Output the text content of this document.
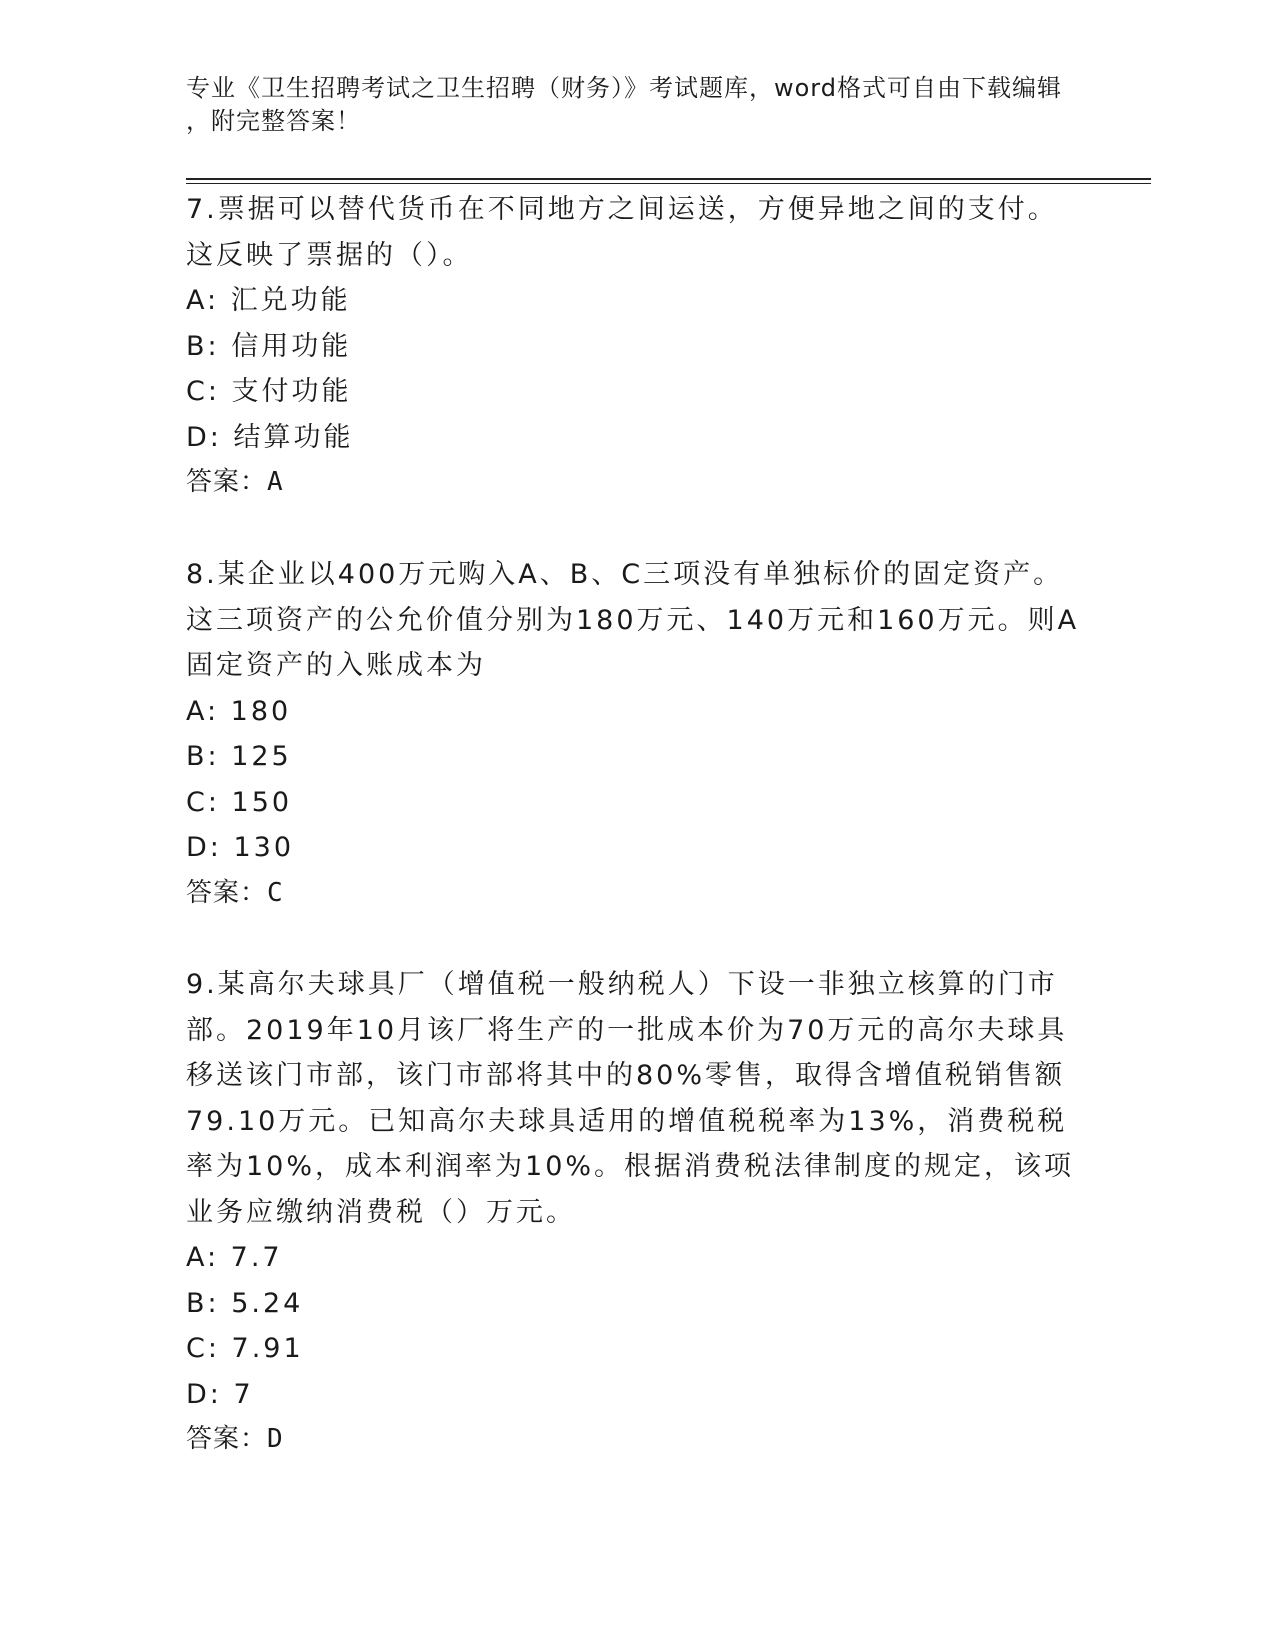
专业《卫生招聘考试之卫生招聘（财务）》考试题库，word格式可自由下载编辑
，附完整答案！

7.票据可以替代货币在不同地方之间运送，方便异地之间的支付。这反映了票据的（）。

A: 汇兑功能
B: 信用功能
C: 支付功能
D: 结算功能
答案：A

8.某企业以400万元购入A、B、C三项没有单独标价的固定资产。这三项资产的公允价值分别为180万元、140万元和160万元。则A固定资产的入账成本为

A: 180
B: 125
C: 150
D: 130
答案：C

9.某高尔夫球具厂（增值税一般纳税人）下设一非独立核算的门市部。2019年10月该厂将生产的一批成本价为70万元的高尔夫球具移送该门市部，该门市部将其中的80%零售，取得含增值税销售额79.10万元。已知高尔夫球具适用的增值税税率为13%，消费税税率为10%，成本利润率为10%。根据消费税法律制度的规定，该项业务应缴纳消费税（）万元。

A: 7.7
B: 5.24
C: 7.91
D: 7
答案：D
